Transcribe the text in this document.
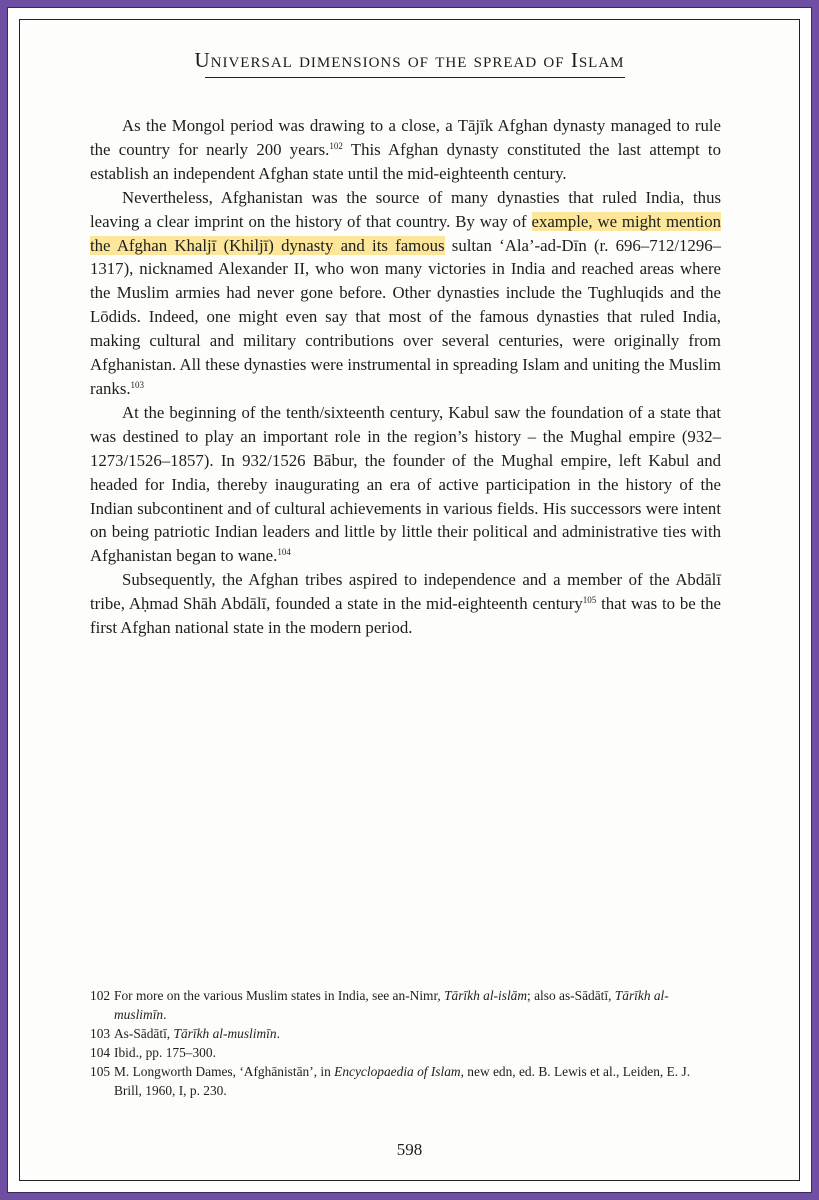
Universal dimensions of the spread of Islam

As the Mongol period was drawing to a close, a Tājīk Afghan dynasty managed to rule the country for nearly 200 years.$^{102}$ This Afghan dynasty constituted the last attempt to establish an independent Afghan state until the mid-eighteenth century.

Nevertheless, Afghanistan was the source of many dynasties that ruled India, thus leaving a clear imprint on the history of that country. By way of example, we might mention the Afghan Khaljī (Khiljī) dynasty and its famous sultan ‘Ala’-ad-Dīn (r. 696–712/1296–1317), nicknamed Alexander II, who won many victories in India and reached areas where the Muslim armies had never gone before. Other dynasties include the Tughluqids and the Lōdids. Indeed, one might even say that most of the famous dynasties that ruled India, making cultural and military contributions over several centuries, were originally from Afghanistan. All these dynasties were instrumental in spreading Islam and uniting the Muslim ranks.$^{103}$

At the beginning of the tenth/sixteenth century, Kabul saw the foundation of a state that was destined to play an important role in the region’s history – the Mughal empire (932–1273/1526–1857). In 932/1526 Bābur, the founder of the Mughal empire, left Kabul and headed for India, thereby inaugurating an era of active participation in the history of the Indian subcontinent and of cultural achievements in various fields. His successors were intent on being patriotic Indian leaders and little by little their political and administrative ties with Afghanistan began to wane.$^{104}$

Subsequently, the Afghan tribes aspired to independence and a member of the Abdālī tribe, Aḥmad Shāh Abdālī, founded a state in the mid-eighteenth century$^{105}$ that was to be the first Afghan national state in the modern period.

102 For more on the various Muslim states in India, see an-Nimr, Tārīkh al-islām; also as-Sādātī, Tārīkh al-muslimīn.
103 As-Sādātī, Tārīkh al-muslimīn.
104 Ibid., pp. 175–300.
105 M. Longworth Dames, ‘Afghānistān’, in Encyclopaedia of Islam, new edn, ed. B. Lewis et al., Leiden, E. J. Brill, 1960, I, p. 230.
598
